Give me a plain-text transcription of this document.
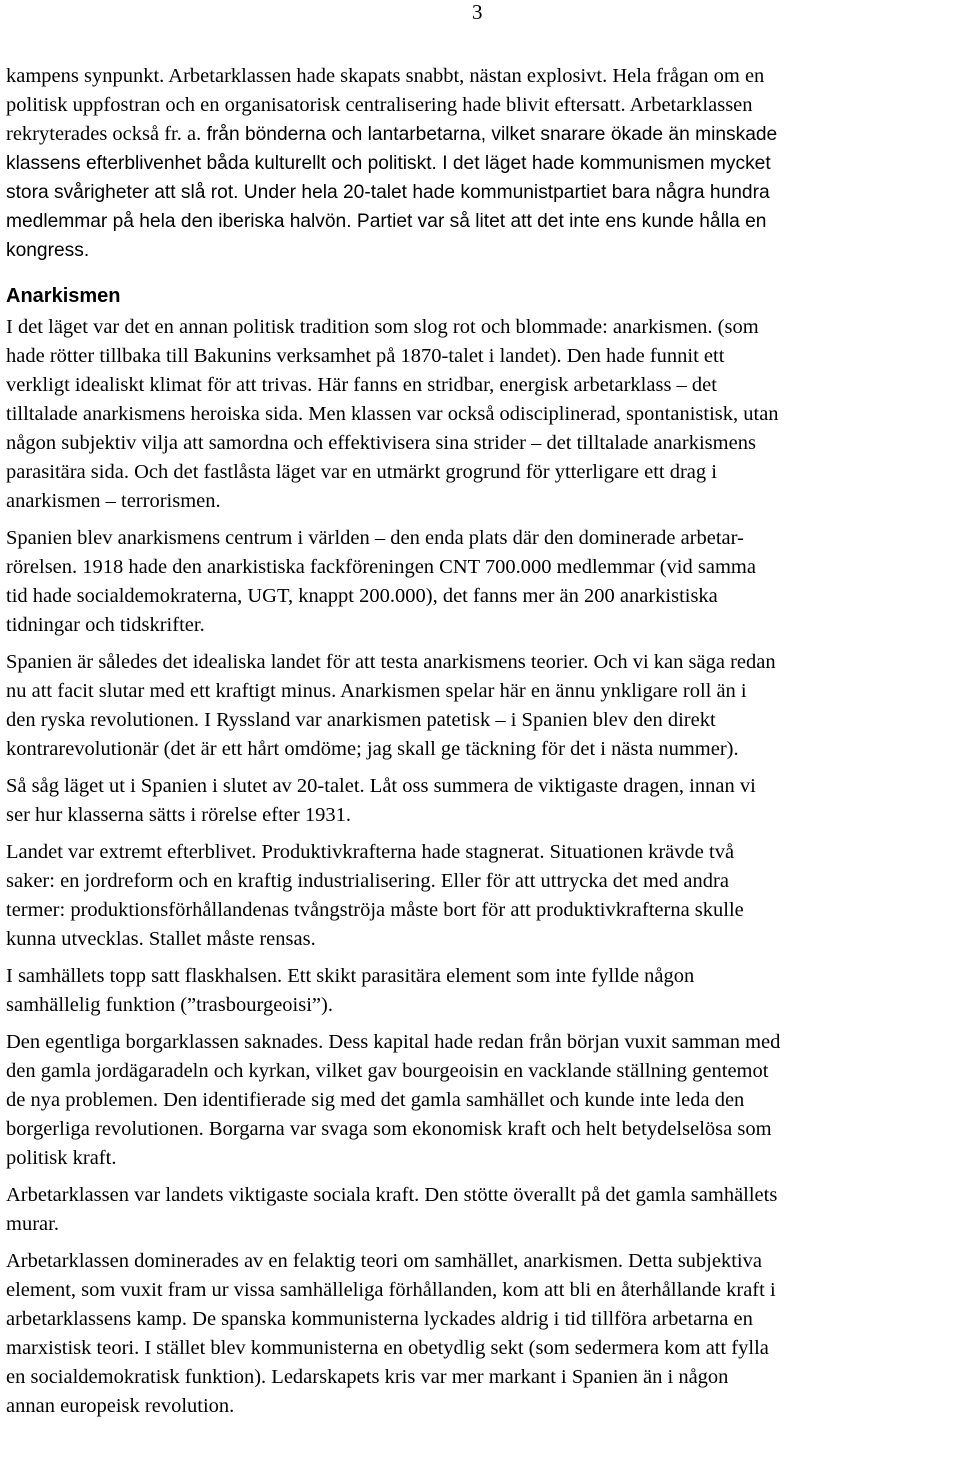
3
kampens synpunkt. Arbetarklassen hade skapats snabbt, nästan explosivt. Hela frågan om en
politisk uppfostran och en organisatorisk centralisering hade blivit eftersatt. Arbetarklassen
rekryterades också fr. a. från bönderna och lantarbetarna, vilket snarare ökade än minskade
klassens efterblivenhet båda kulturellt och politiskt. I det läget hade kommunismen mycket
stora svårigheter att slå rot. Under hela 20-talet hade kommunistpartiet bara några hundra
medlemmar på hela den iberiska halvön. Partiet var så litet att det inte ens kunde hålla en
kongress.
Anarkismen
I det läget var det en annan politisk tradition som slog rot och blommade: anarkismen. (som
hade rötter tillbaka till Bakunins verksamhet på 1870-talet i landet). Den hade funnit ett
verkligt idealiskt klimat för att trivas. Här fanns en stridbar, energisk arbetarklass – det
tilltalade anarkismens heroiska sida. Men klassen var också odisciplinerad, spontanistisk, utan
någon subjektiv vilja att samordna och effektivisera sina strider – det tilltalade anarkismens
parasitära sida. Och det fastlåsta läget var en utmärkt grogrund för ytterligare ett drag i
anarkismen – terrorismen.
Spanien blev anarkismens centrum i världen – den enda plats där den dominerade arbetar-
rörelsen. 1918 hade den anarkistiska fackföreningen CNT 700.000 medlemmar (vid samma
tid hade socialdemokraterna, UGT, knappt 200.000), det fanns mer än 200 anarkistiska
tidningar och tidskrifter.
Spanien är således det idealiska landet för att testa anarkismens teorier. Och vi kan säga redan
nu att facit slutar med ett kraftigt minus. Anarkismen spelar här en ännu ynkligare roll än i
den ryska revolutionen. I Ryssland var anarkismen patetisk – i Spanien blev den direkt
kontrarevolutionär (det är ett hårt omdöme; jag skall ge täckning för det i nästa nummer).
Så såg läget ut i Spanien i slutet av 20-talet. Låt oss summera de viktigaste dragen, innan vi
ser hur klasserna sätts i rörelse efter 1931.
Landet var extremt efterblivet. Produktivkrafterna hade stagnerat. Situationen krävde två
saker: en jordreform och en kraftig industrialisering. Eller för att uttrycka det med andra
termer: produktionsförhållandenas tvångströja måste bort för att produktivkrafterna skulle
kunna utvecklas. Stallet måste rensas.
I samhällets topp satt flaskhalsen. Ett skikt parasitära element som inte fyllde någon
samhällelig funktion (”trasbourgeoisi”).
Den egentliga borgarklassen saknades. Dess kapital hade redan från början vuxit samman med
den gamla jordägaradeln och kyrkan, vilket gav bourgeoisin en vacklande ställning gentemot
de nya problemen. Den identifierade sig med det gamla samhället och kunde inte leda den
borgerliga revolutionen. Borgarna var svaga som ekonomisk kraft och helt betydelselösa som
politisk kraft.
Arbetarklassen var landets viktigaste sociala kraft. Den stötte överallt på det gamla samhällets
murar.
Arbetarklassen dominerades av en felaktig teori om samhället, anarkismen. Detta subjektiva
element, som vuxit fram ur vissa samhälleliga förhållanden, kom att bli en återhållande kraft i
arbetarklassens kamp. De spanska kommunisterna lyckades aldrig i tid tillföra arbetarna en
marxistisk teori. I stället blev kommunisterna en obetydlig sekt (som sedermera kom att fylla
en socialdemokratisk funktion). Ledarskapets kris var mer markant i Spanien än i någon
annan europeisk revolution.
